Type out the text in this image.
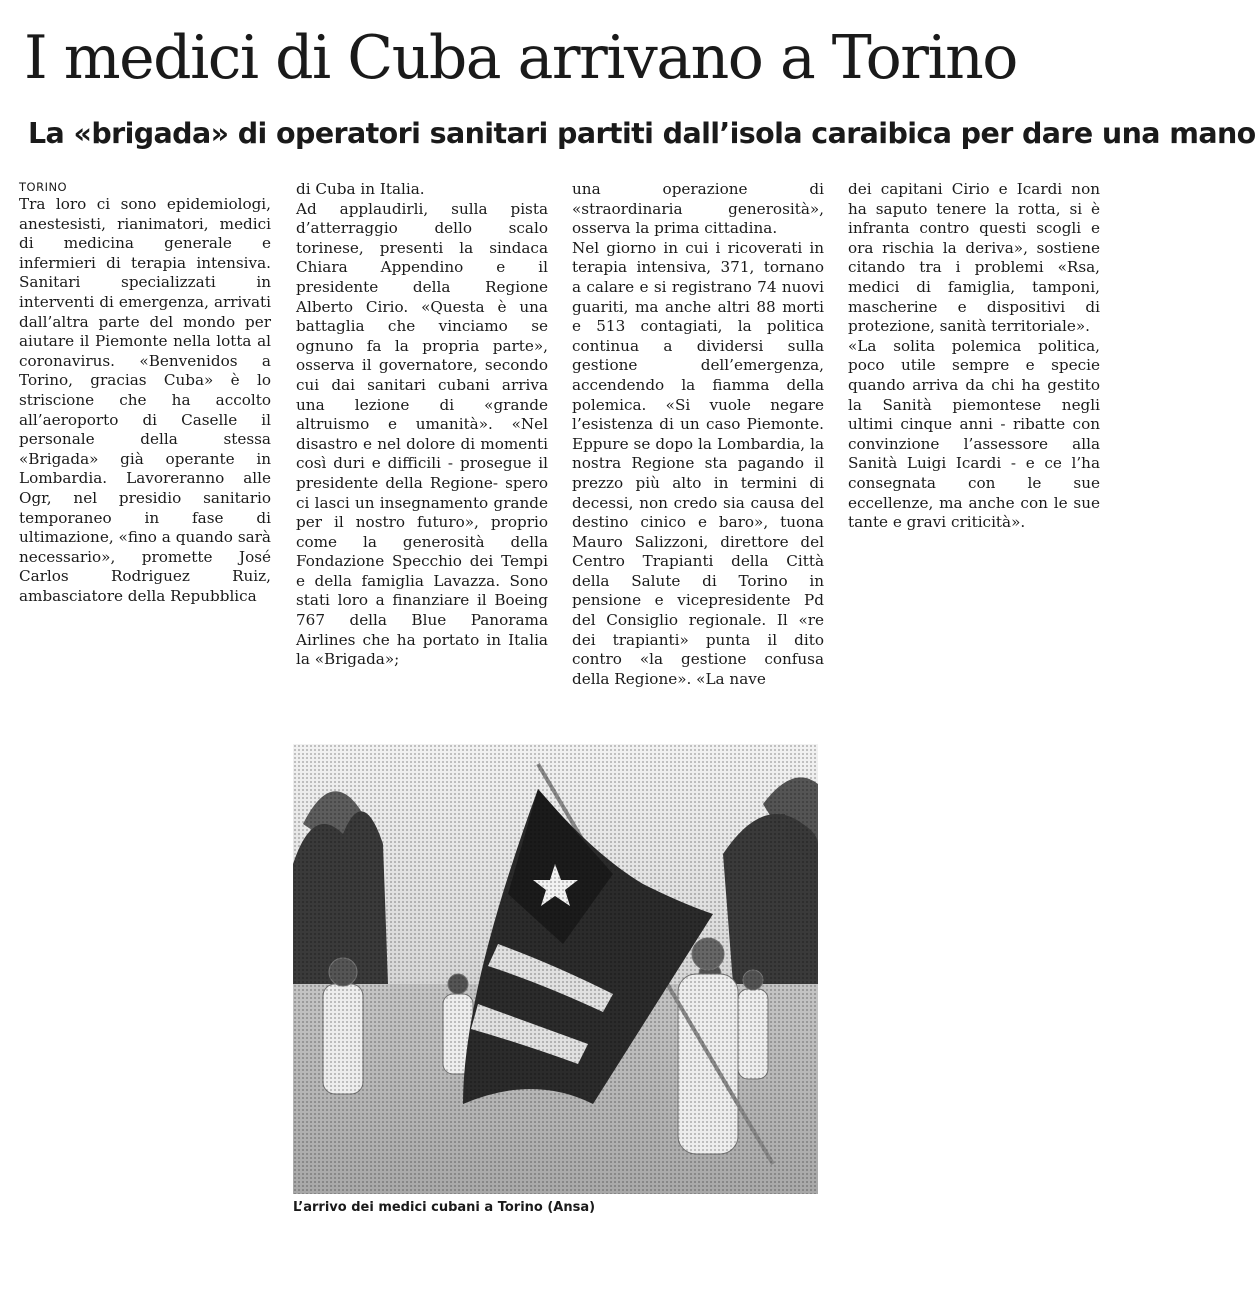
I medici di Cuba arrivano a Torino
La «brigada» di operatori sanitari partiti dall’isola caraibica per dare una mano
TORINO

Tra loro ci sono epidemiologi, anestesisti, rianimatori, medici di medicina generale e infermieri di terapia intensiva. Sanitari specializzati in interventi di emergenza, arrivati dall’altra parte del mondo per aiutare il Piemonte nella lotta al coronavirus. «Benvenidos a Torino, gracias Cuba» è lo striscione che ha accolto all’aeroporto di Caselle il personale della stessa «Brigada» già operante in Lombardia. Lavoreranno alle Ogr, nel presidio sanitario temporaneo in fase di ultimazione, «fino a quando sarà necessario», promette José Carlos Rodriguez Ruiz, ambasciatore della Repubblica

di Cuba in Italia.

Ad applaudirli, sulla pista d’atterraggio dello scalo torinese, presenti la sindaca Chiara Appendino e il presidente della Regione Alberto Cirio. «Questa è una battaglia che vinciamo se ognuno fa la propria parte», osserva il governatore, secondo cui dai sanitari cubani arriva una lezione di «grande altruismo e umanità». «Nel disastro e nel dolore di momenti così duri e difficili - prosegue il presidente della Regione- spero ci lasci un insegnamento grande per il nostro futuro», proprio come la generosità della Fondazione Specchio dei Tempi e della famiglia Lavazza. Sono stati loro a finanziare il Boeing 767 della Blue Panorama Airlines che ha portato in Italia la «Brigada»;

una operazione di «straordinaria generosità», osserva la prima cittadina.

Nel giorno in cui i ricoverati in terapia intensiva, 371, tornano a calare e si registrano 74 nuovi guariti, ma anche altri 88 morti e 513 contagiati, la politica continua a dividersi sulla gestione dell’emergenza, accendendo la fiamma della polemica. «Si vuole negare l’esistenza di un caso Piemonte. Eppure se dopo la Lombardia, la nostra Regione sta pagando il prezzo più alto in termini di decessi, non credo sia causa del destino cinico e baro», tuona Mauro Salizzoni, direttore del Centro Trapianti della Città della Salute di Torino in pensione e vicepresidente Pd del Consiglio regionale. Il «re dei trapianti» punta il dito contro «la gestione confusa della Regione». «La nave

dei capitani Cirio e Icardi non ha saputo tenere la rotta, si è infranta contro questi scogli e ora rischia la deriva», sostiene citando tra i problemi «Rsa, medici di famiglia, tamponi, mascherine e dispositivi di protezione, sanità territoriale».

«La solita polemica politica, poco utile sempre e specie quando arriva da chi ha gestito la Sanità piemontese negli ultimi cinque anni - ribatte con convinzione l’assessore alla Sanità Luigi Icardi - e ce l’ha consegnata con le sue eccellenze, ma anche con le sue tante e gravi criticità».

L’arrivo dei medici cubani a Torino (Ansa)
